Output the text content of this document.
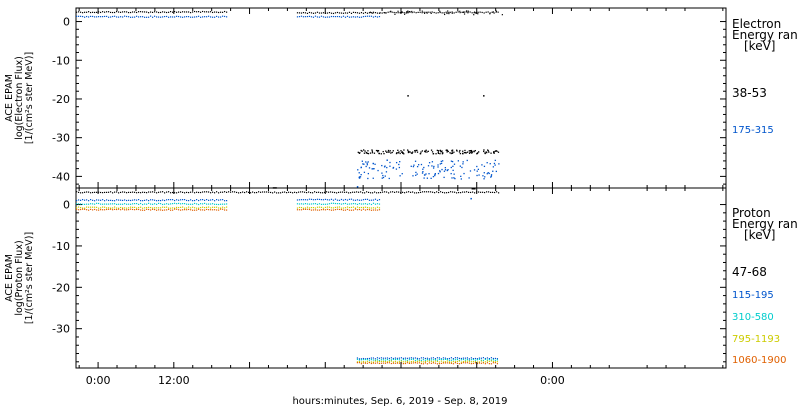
0
-10
-20
-30
-40
ACE EPAM log(Electron Flux) [1/(cm²s ster MeV)]
Electron
Energy ran
[keV]
38-53
175-315
0
-10
-20
-30
ACE EPAM log(Proton Flux) [1/(cm²s ster MeV)]
Proton
Energy ran
[keV]
47-68
115-195
310-580
795-1193
1060-1900
0:00	12:00	0:00
hours:minutes, Sep. 6, 2019 - Sep. 8, 2019
